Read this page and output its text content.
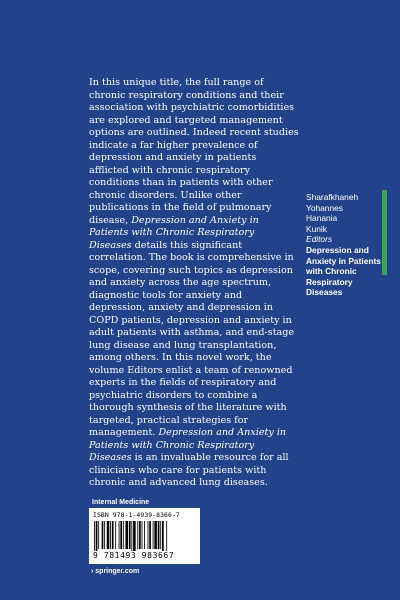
In this unique title, the full range of chronic respiratory conditions and their association with psychiatric comorbidities are explored and targeted management options are outlined. Indeed recent studies indicate a far higher prevalence of depression and anxiety in patients afflicted with chronic respiratory conditions than in patients with other chronic disorders. Unlike other publications in the field of pulmonary disease, Depression and Anxiety in Patients with Chronic Respiratory Diseases details this significant correlation. The book is comprehensive in scope, covering such topics as depression and anxiety across the age spectrum, diagnostic tools for anxiety and depression, anxiety and depression in COPD patients, depression and anxiety in adult patients with asthma, and end-stage lung disease and lung transplantation, among others. In this novel work, the volume Editors enlist a team of renowned experts in the fields of respiratory and psychiatric disorders to combine a thorough synthesis of the literature with targeted, practical strategies for management. Depression and Anxiety in Patients with Chronic Respiratory Diseases is an invaluable resource for all clinicians who care for patients with chronic and advanced lung diseases.

Sharafkhaneh
Yohannes
Hanania
Kunik
Editors
Depression and Anxiety in Patients with Chronic Respiratory Diseases
Internal Medicine
ISBN 978-1-4939-8366-7
9 781493 983667
› springer.com
